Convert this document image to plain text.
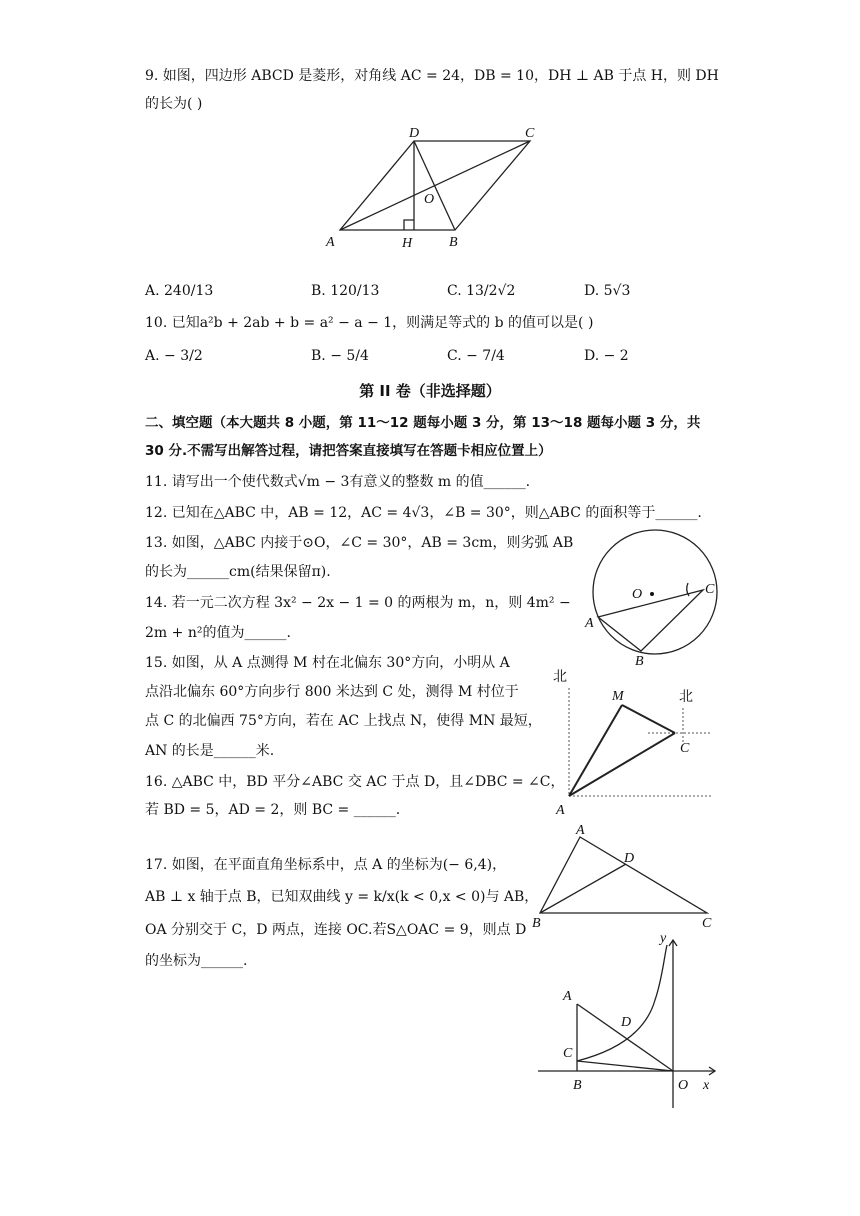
9. 如图，四边形 ABCD 是菱形，对角线 AC = 24，DB = 10，DH ⊥ AB 于点 H，则 DH
的长为( )
D	C
O
A	H	B
A. 240/13	B. 120/13	C. 13/2√2	D. 5√3
10. 已知a²b + 2ab + b = a² − a − 1，则满足等式的 b 的值可以是( )
A. − 3/2	B. − 5/4	C. − 7/4	D. − 2
第 II 卷（非选择题）
二、填空题（本大题共 8 小题，第 11～12 题每小题 3 分，第 13～18 题每小题 3 分，共
30 分.不需写出解答过程，请把答案直接填写在答题卡相应位置上）
11. 请写出一个使代数式√m − 3有意义的整数 m 的值______.
12. 已知在△ABC 中，AB = 12，AC = 4√3，∠B = 30°，则△ABC 的面积等于______.
13. 如图，△ABC 内接于⊙O，∠C = 30°，AB = 3cm，则劣弧 AB
的长为______cm(结果保留π).
O	C
A
B
14. 若一元二次方程 3x² − 2x − 1 = 0 的两根为 m，n，则 4m² −
2m + n²的值为______.
15. 如图，从 A 点测得 M 村在北偏东 30°方向，小明从 A
点沿北偏东 60°方向步行 800 米达到 C 处，测得 M 村位于
点 C 的北偏西 75°方向，若在 AC 上找点 N，使得 MN 最短，
AN 的长是______米.
北
北
M
C
A
16. △ABC 中，BD 平分∠ABC 交 AC 于点 D，且∠DBC = ∠C，
若 BD = 5，AD = 2，则 BC = ______.
A
D
B	C
17. 如图，在平面直角坐标系中，点 A 的坐标为(− 6,4)，
AB ⊥ x 轴于点 B，已知双曲线 y = k/x(k < 0,x < 0)与 AB，
OA 分别交于 C，D 两点，连接 OC.若S△OAC = 9，则点 D
的坐标为______.
y
A
D
C
B	O x
